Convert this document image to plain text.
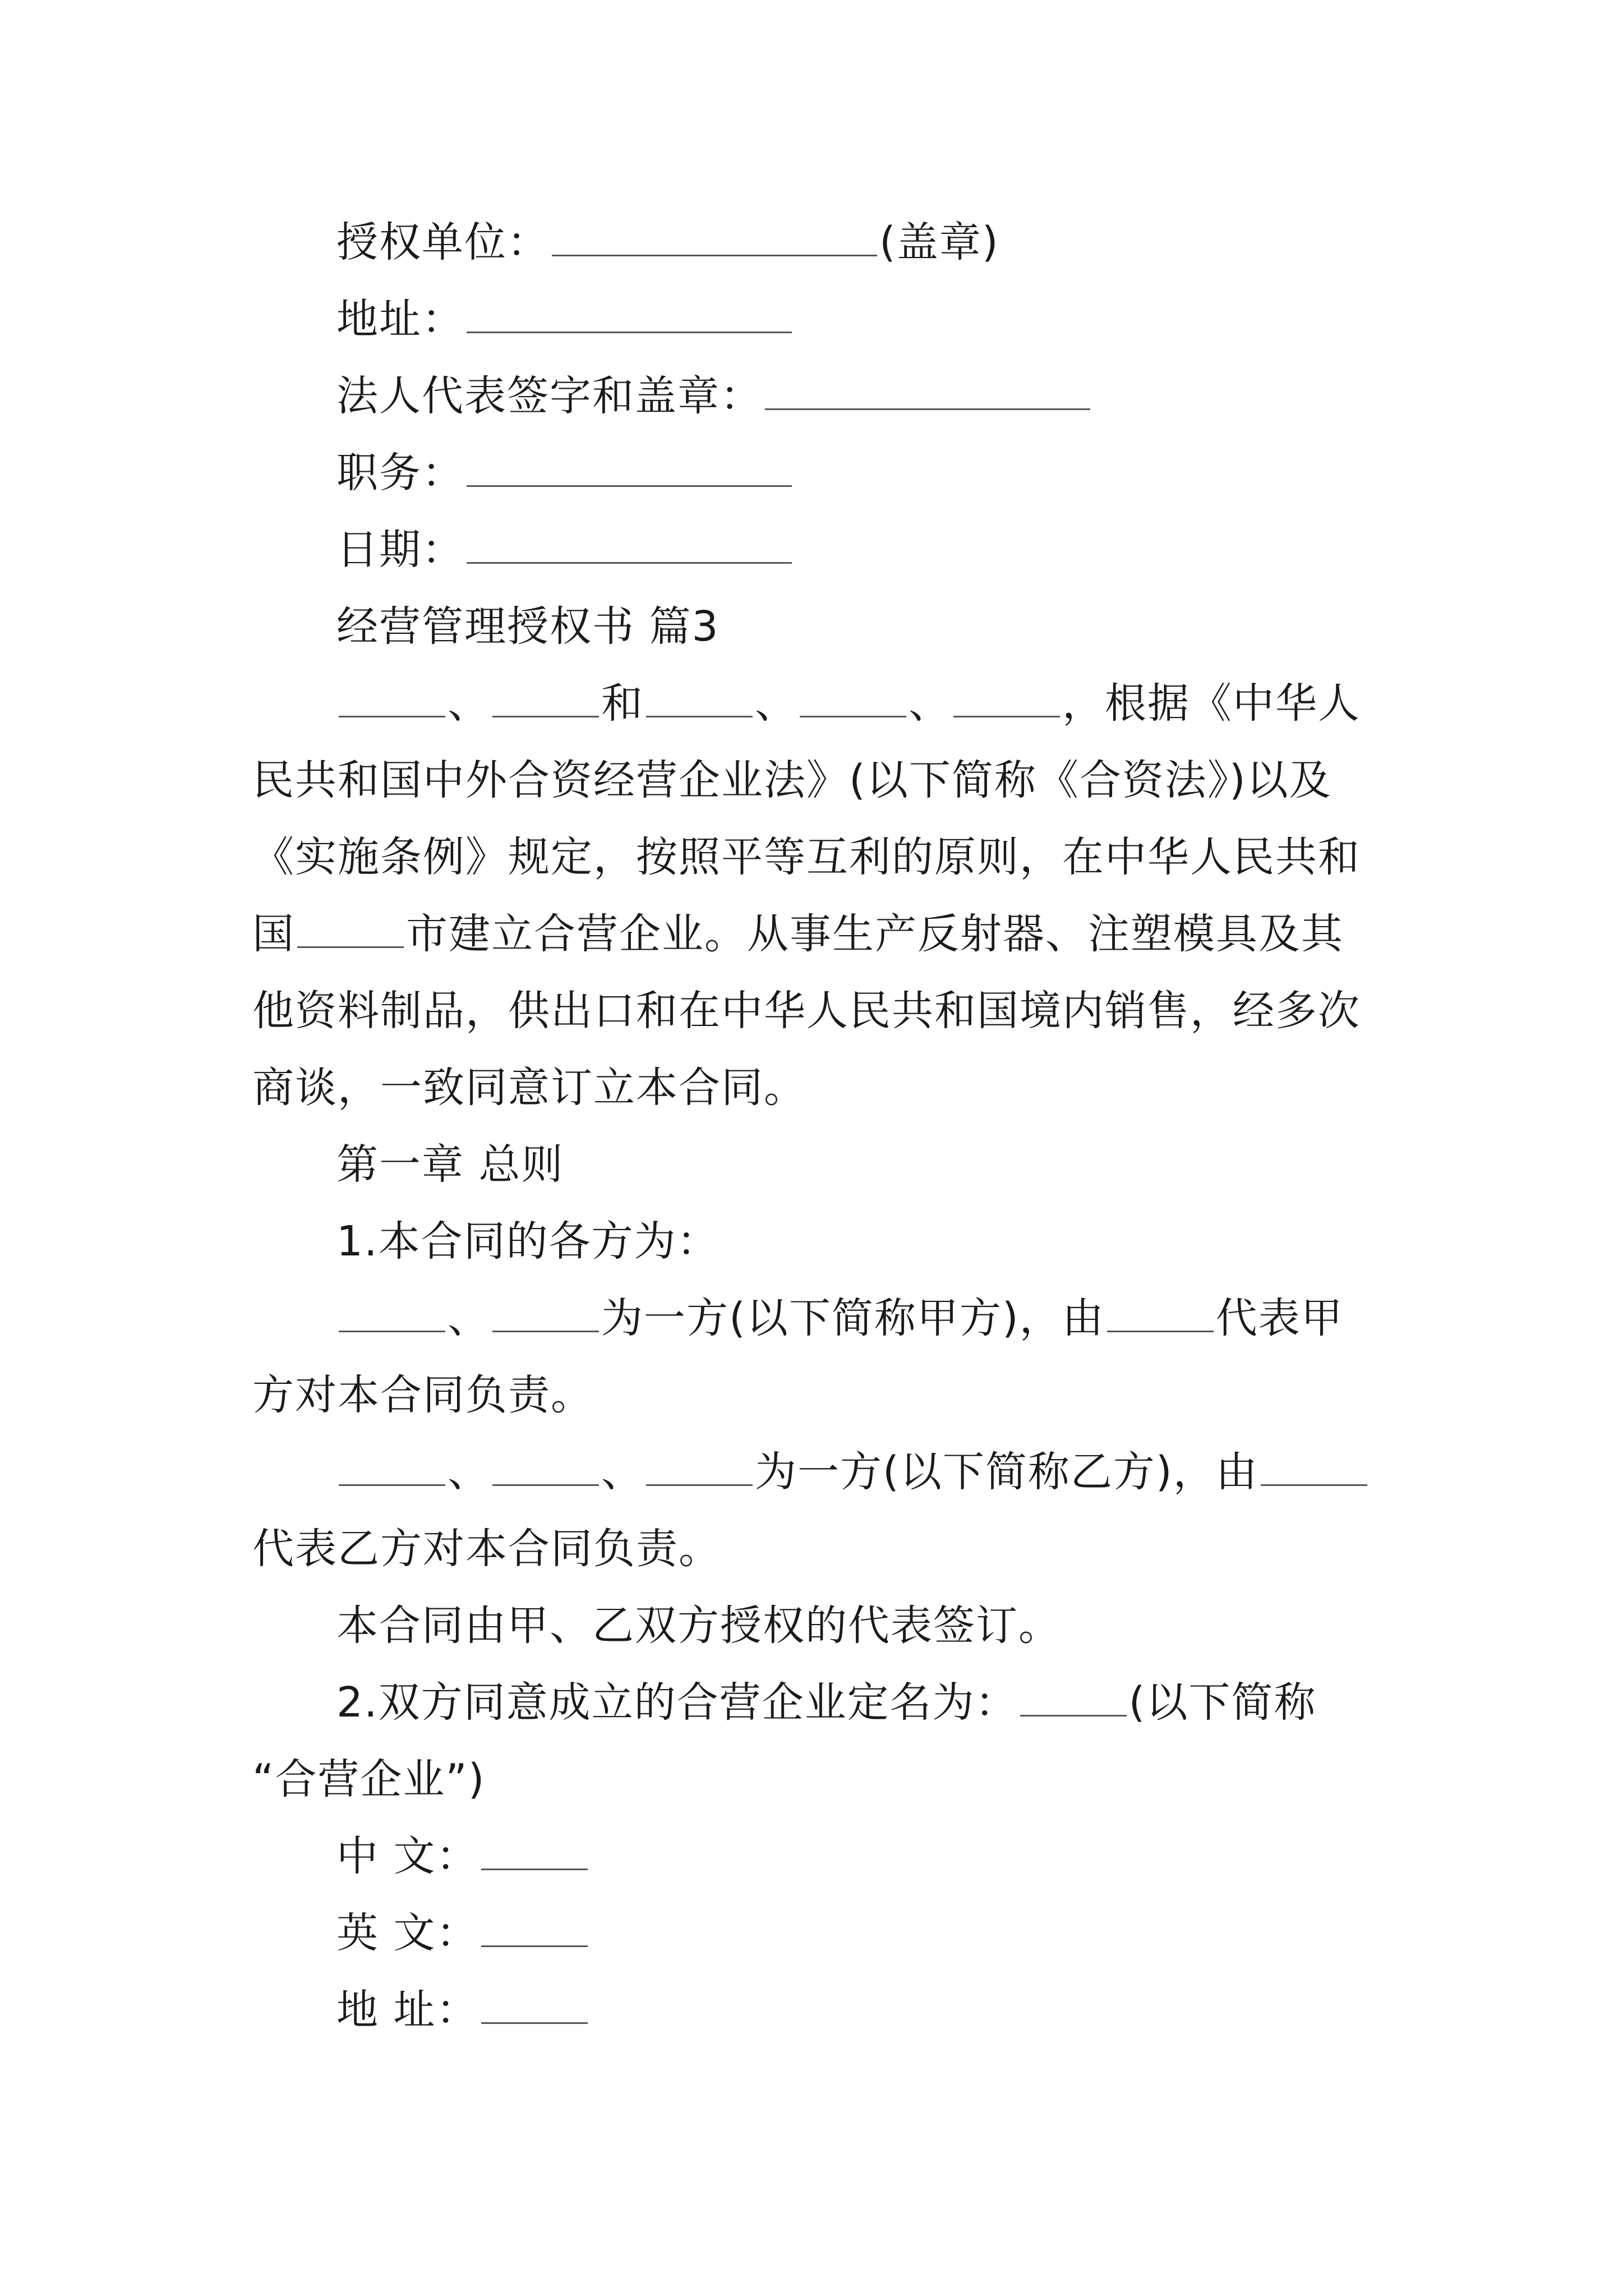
授权单位：	(盖章)
地址：
法人代表签字和盖章：
职务：
日期：
经营管理授权书 篇3
、	和	、	、	，根据《中华人
民共和国中外合资经营企业法》(以下简称《合资法》)以及
《实施条例》规定，按照平等互利的原则，在中华人民共和
国	市建立合营企业。从事生产反射器、注塑模具及其
他资料制品，供出口和在中华人民共和国境内销售，经多次
商谈，一致同意订立本合同。
第一章 总则
1.本合同的各方为：
、	为一方(以下简称甲方)，由	代表甲
方对本合同负责。
、	、	为一方(以下简称乙方)，由
代表乙方对本合同负责。
本合同由甲、乙双方授权的代表签订。
2.双方同意成立的合营企业定名为：	(以下简称
“合营企业”)
中 文：
英 文：
地 址：
